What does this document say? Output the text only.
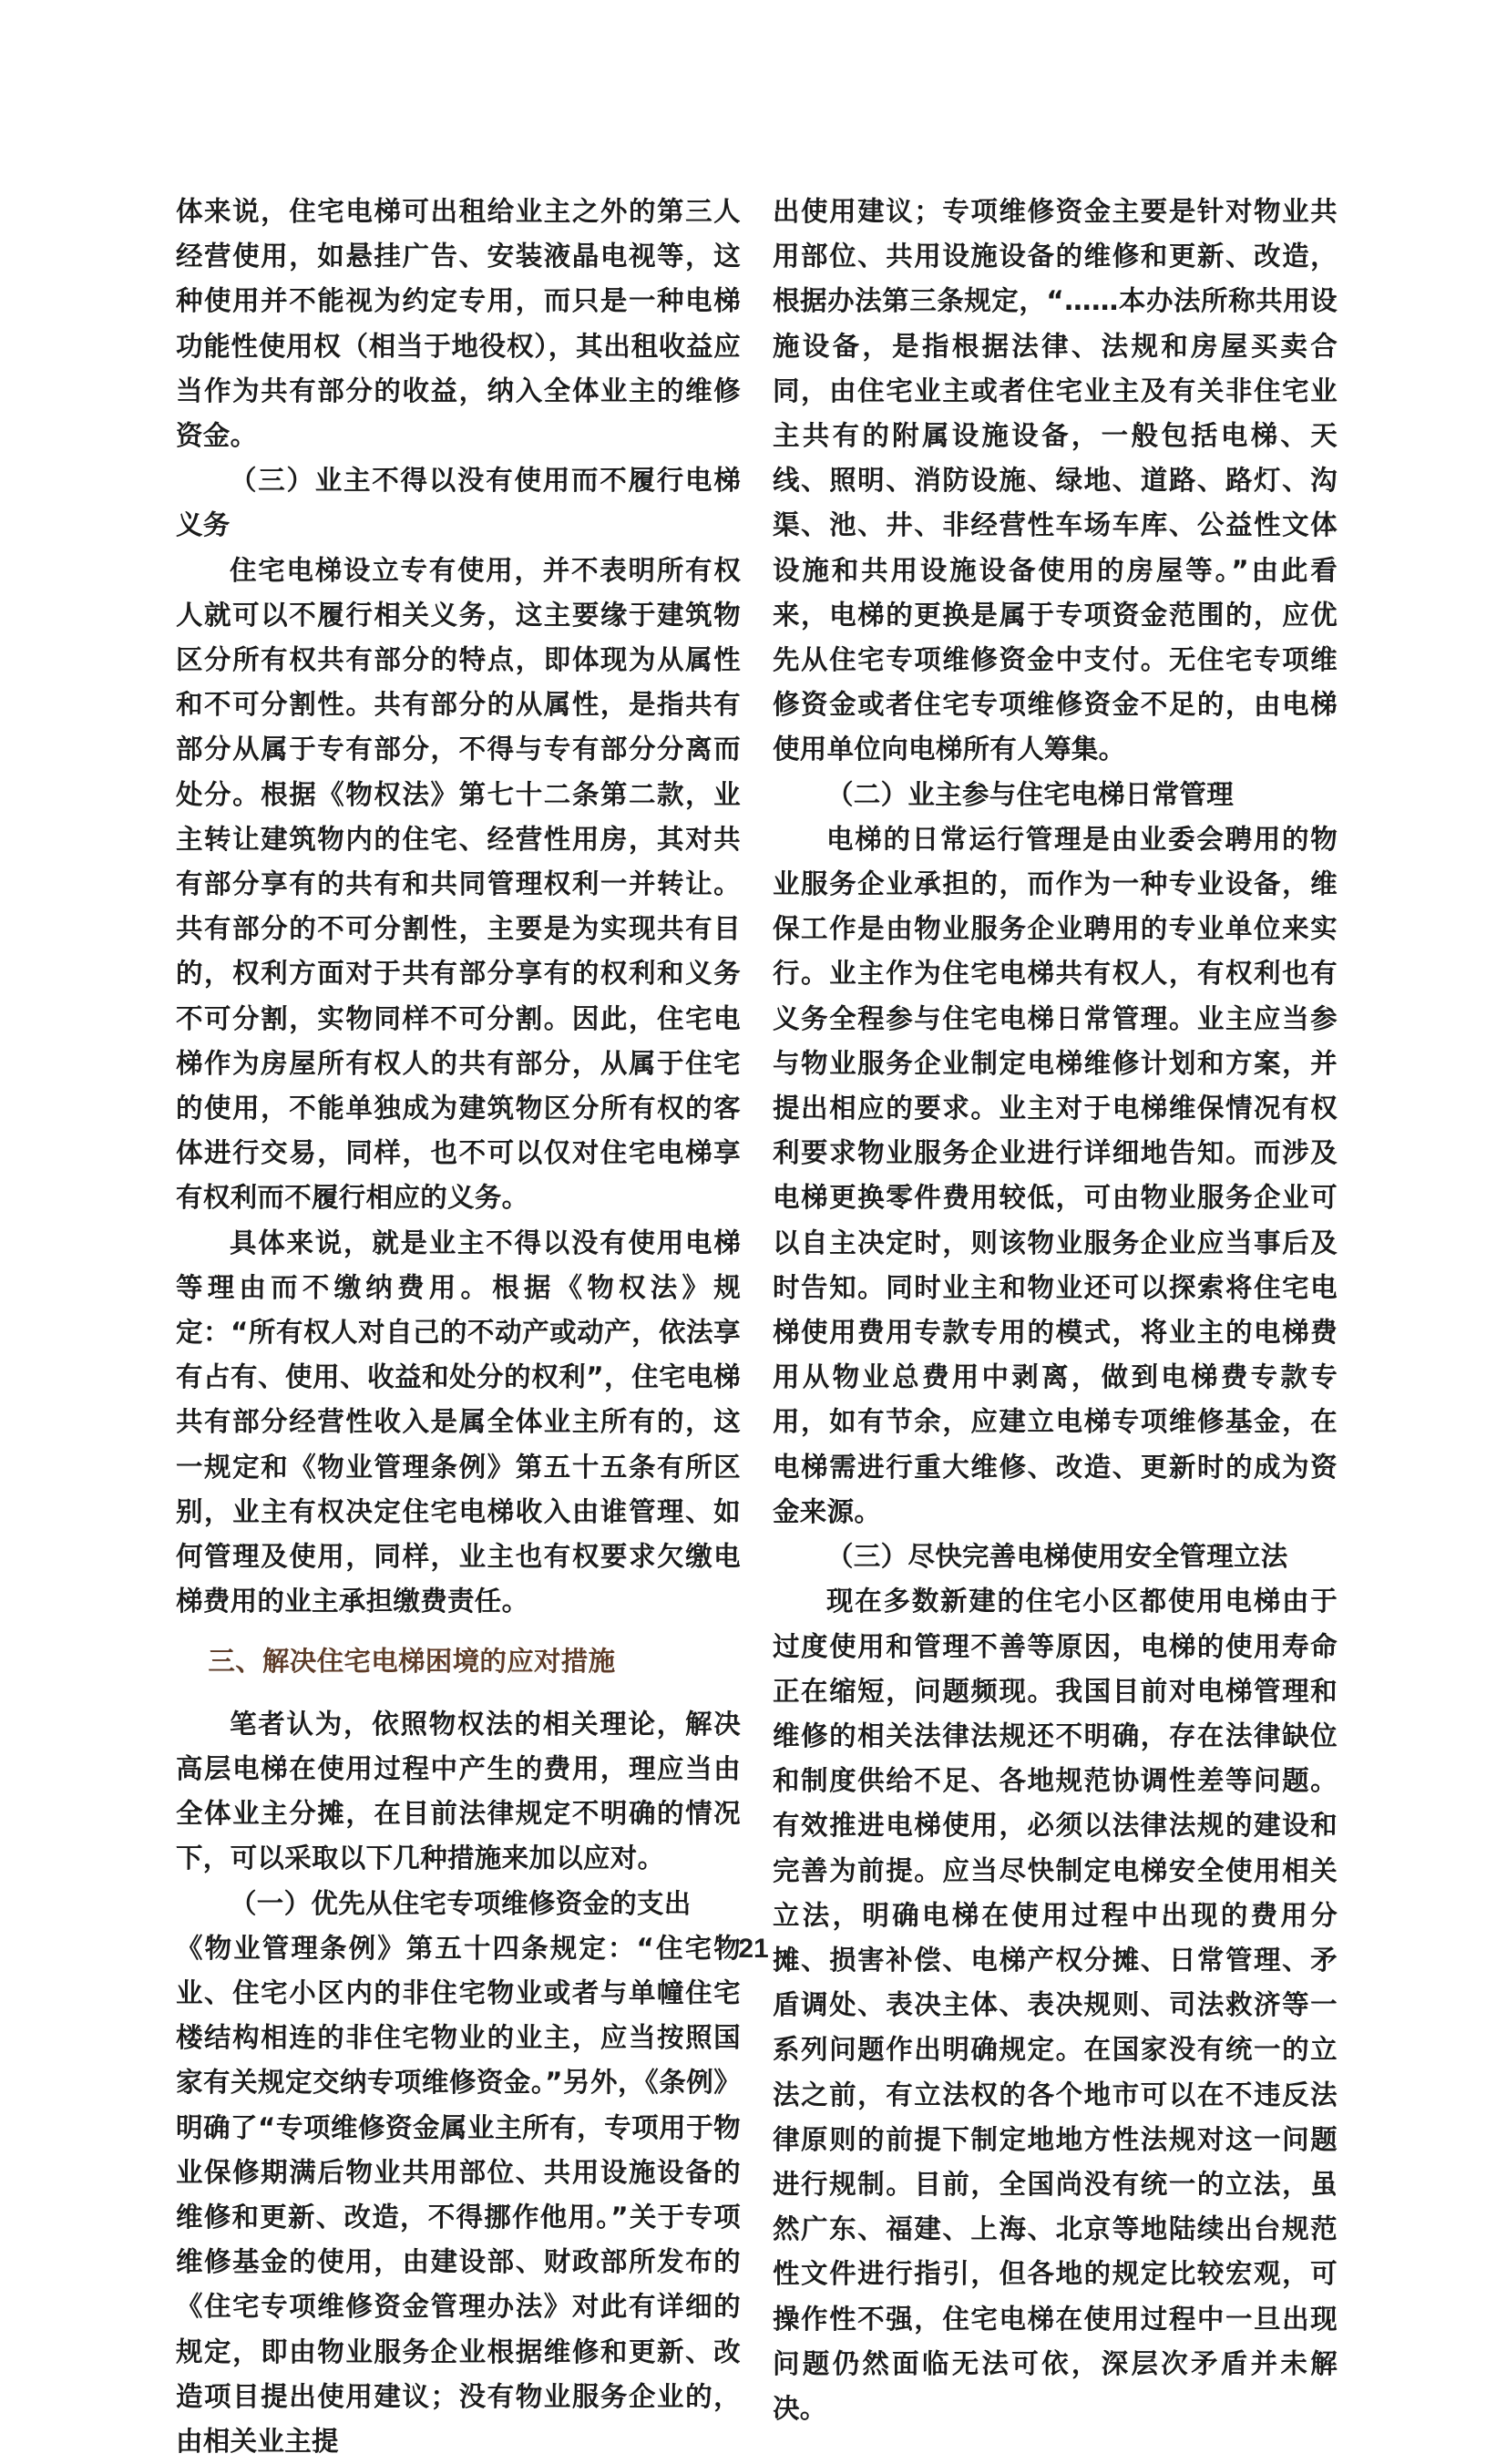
体来说，住宅电梯可出租给业主之外的第三人经营使用，如悬挂广告、安装液晶电视等，这种使用并不能视为约定专用，而只是一种电梯功能性使用权（相当于地役权），其出租收益应当作为共有部分的收益，纳入全体业主的维修资金。

（三）业主不得以没有使用而不履行电梯义务

住宅电梯设立专有使用，并不表明所有权人就可以不履行相关义务，这主要缘于建筑物区分所有权共有部分的特点，即体现为从属性和不可分割性。共有部分的从属性，是指共有部分从属于专有部分，不得与专有部分分离而处分。根据《物权法》第七十二条第二款，业主转让建筑物内的住宅、经营性用房，其对共有部分享有的共有和共同管理权利一并转让。共有部分的不可分割性，主要是为实现共有目的，权利方面对于共有部分享有的权利和义务不可分割，实物同样不可分割。因此，住宅电梯作为房屋所有权人的共有部分，从属于住宅的使用，不能单独成为建筑物区分所有权的客体进行交易，同样，也不可以仅对住宅电梯享有权利而不履行相应的义务。

具体来说，就是业主不得以没有使用电梯等理由而不缴纳费用。根据《物权法》规定：“所有权人对自己的不动产或动产，依法享有占有、使用、收益和处分的权利”，住宅电梯共有部分经营性收入是属全体业主所有的，这一规定和《物业管理条例》第五十五条有所区别，业主有权决定住宅电梯收入由谁管理、如何管理及使用，同样，业主也有权要求欠缴电梯费用的业主承担缴费责任。

三、解决住宅电梯困境的应对措施

笔者认为，依照物权法的相关理论，解决高层电梯在使用过程中产生的费用，理应当由全体业主分摊，在目前法律规定不明确的情况下，可以采取以下几种措施来加以应对。

（一）优先从住宅专项维修资金的支出

《物业管理条例》第五十四条规定：“住宅物业、住宅小区内的非住宅物业或者与单幢住宅楼结构相连的非住宅物业的业主，应当按照国家有关规定交纳专项维修资金。”另外，《条例》明确了“专项维修资金属业主所有，专项用于物业保修期满后物业共用部位、共用设施设备的维修和更新、改造，不得挪作他用。”关于专项维修基金的使用，由建设部、财政部所发布的《住宅专项维修资金管理办法》对此有详细的规定，即由物业服务企业根据维修和更新、改造项目提出使用建议；没有物业服务企业的，由相关业主提

出使用建议；专项维修资金主要是针对物业共用部位、共用设施设备的维修和更新、改造，根据办法第三条规定，“……本办法所称共用设施设备，是指根据法律、法规和房屋买卖合同，由住宅业主或者住宅业主及有关非住宅业主共有的附属设施设备，一般包括电梯、天线、照明、消防设施、绿地、道路、路灯、沟渠、池、井、非经营性车场车库、公益性文体设施和共用设施设备使用的房屋等。”由此看来，电梯的更换是属于专项资金范围的，应优先从住宅专项维修资金中支付。无住宅专项维修资金或者住宅专项维修资金不足的，由电梯使用单位向电梯所有人筹集。

（二）业主参与住宅电梯日常管理

电梯的日常运行管理是由业委会聘用的物业服务企业承担的，而作为一种专业设备，维保工作是由物业服务企业聘用的专业单位来实行。业主作为住宅电梯共有权人，有权利也有义务全程参与住宅电梯日常管理。业主应当参与物业服务企业制定电梯维修计划和方案，并提出相应的要求。业主对于电梯维保情况有权利要求物业服务企业进行详细地告知。而涉及电梯更换零件费用较低，可由物业服务企业可以自主决定时，则该物业服务企业应当事后及时告知。同时业主和物业还可以探索将住宅电梯使用费用专款专用的模式，将业主的电梯费用从物业总费用中剥离，做到电梯费专款专用，如有节余，应建立电梯专项维修基金，在电梯需进行重大维修、改造、更新时的成为资金来源。

（三）尽快完善电梯使用安全管理立法

现在多数新建的住宅小区都使用电梯由于过度使用和管理不善等原因，电梯的使用寿命正在缩短，问题频现。我国目前对电梯管理和维修的相关法律法规还不明确，存在法律缺位和制度供给不足、各地规范协调性差等问题。有效推进电梯使用，必须以法律法规的建设和完善为前提。应当尽快制定电梯安全使用相关立法，明确电梯在使用过程中出现的费用分摊、损害补偿、电梯产权分摊、日常管理、矛盾调处、表决主体、表决规则、司法救济等一系列问题作出明确规定。在国家没有统一的立法之前，有立法权的各个地市可以在不违反法律原则的前提下制定地地方性法规对这一问题进行规制。目前，全国尚没有统一的立法，虽然广东、福建、上海、北京等地陆续出台规范性文件进行指引，但各地的规定比较宏观，可操作性不强，住宅电梯在使用过程中一旦出现问题仍然面临无法可依，深层次矛盾并未解决。

21
